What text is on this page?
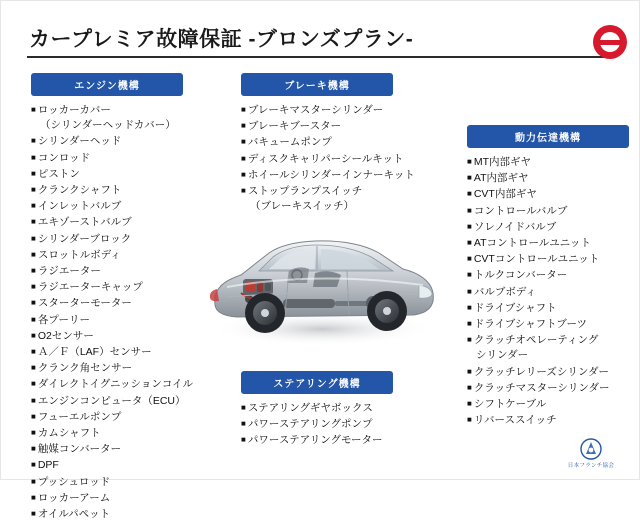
カープレミア故障保証 -ブロンズプラン-
エンジン機構
■ ロッカーカバー
（シリンダーヘッドカバー）
■ シリンダーヘッド
■ コンロッド
■ ピストン
■ クランクシャフト
■ インレットバルブ
■ エキゾーストバルブ
■ シリンダーブロック
■ スロットルボディ
■ ラジエーター
■ ラジエーターキャップ
■ スターターモーター
■ 各プーリー
■ O2センサー
■ Ａ／Ｆ（LAF）センサー
■ クランク角センサー
■ ダイレクトイグニッションコイル
■ エンジンコンピュータ（ECU）
■ フューエルポンプ
■ カムシャフト
■ 触媒コンバーター
■ DPF
■ プッシュロッド
■ ロッカーアーム
■ オイルパペット
ブレーキ機構
■ ブレーキマスターシリンダー
■ ブレーキブースター
■ バキュームポンプ
■ ディスクキャリパーシールキット
■ ホイールシリンダーインナーキット
■ ストップランプスイッチ
（ブレーキスイッチ）
動力伝達機構
■ MT内部ギヤ
■ AT内部ギヤ
■ CVT内部ギヤ
■ コントロールバルブ
■ ソレノイドバルブ
■ ATコントロールユニット
■ CVTコントロールユニット
■ トルクコンバーター
■ バルブボディ
■ ドライブシャフト
■ ドライブシャフトブーツ
■ クラッチオペレーティング
シリンダー
■ クラッチレリーズシリンダー
■ クラッチマスターシリンダー
■ シフトケーブル
■ リバーススイッチ
ステアリング機構
■ ステアリングギヤボックス
■ パワーステアリングポンプ
■ パワーステアリングモーター
日本フランチ協会
